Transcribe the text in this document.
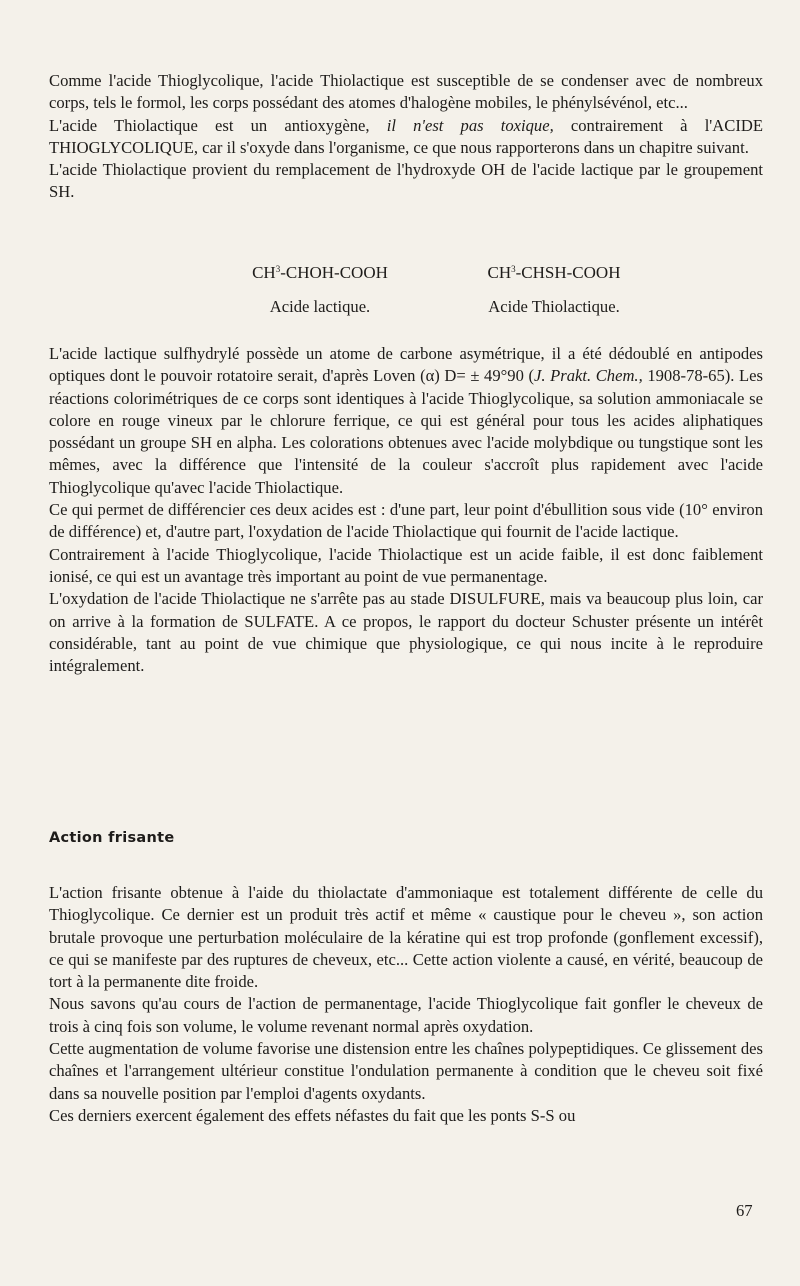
Comme l'acide Thioglycolique, l'acide Thiolactique est susceptible de se condenser avec de nombreux corps, tels le formol, les corps possédant des atomes d'halogène mobiles, le phénylsévénol, etc...

L'acide Thiolactique est un antioxygène, il n'est pas toxique, contrairement à l'ACIDE THIOGLYCOLIQUE, car il s'oxyde dans l'organisme, ce que nous rapporterons dans un chapitre suivant.

L'acide Thiolactique provient du remplacement de l'hydroxyde OH de l'acide lactique par le groupement SH.

$CH^3-CHOH$-COOH
Acide lactique.
$CH^3-CHSH$-COOH
Acide Thiolactique.

L'acide lactique sulfhydrylé possède un atome de carbone asymétrique, il a été dédoublé en antipodes optiques dont le pouvoir rotatoire serait, d'après Loven (α) D= ± 49°90 (J. Prakt. Chem., 1908-78-65). Les réactions colorimétriques de ce corps sont identiques à l'acide Thioglycolique, sa solution ammoniacale se colore en rouge vineux par le chlorure ferrique, ce qui est général pour tous les acides aliphatiques possédant un groupe SH en alpha. Les colorations obtenues avec l'acide molybdique ou tungstique sont les mêmes, avec la différence que l'intensité de la couleur s'accroît plus rapidement avec l'acide Thioglycolique qu'avec l'acide Thiolactique.

Ce qui permet de différencier ces deux acides est : d'une part, leur point d'ébullition sous vide (10° environ de différence) et, d'autre part, l'oxydation de l'acide Thiolactique qui fournit de l'acide lactique.

Contrairement à l'acide Thioglycolique, l'acide Thiolactique est un acide faible, il est donc faiblement ionisé, ce qui est un avantage très important au point de vue permanentage.

L'oxydation de l'acide Thiolactique ne s'arrête pas au stade DISULFURE, mais va beaucoup plus loin, car on arrive à la formation de SULFATE. A ce propos, le rapport du docteur Schuster présente un intérêt considérable, tant au point de vue chimique que physiologique, ce qui nous incite à le reproduire intégralement.

Action frisante

L'action frisante obtenue à l'aide du thiolactate d'ammoniaque est totalement différente de celle du Thioglycolique. Ce dernier est un produit très actif et même « caustique pour le cheveu », son action brutale provoque une perturbation moléculaire de la kératine qui est trop profonde (gonflement excessif), ce qui se manifeste par des ruptures de cheveux, etc... Cette action violente a causé, en vérité, beaucoup de tort à la permanente dite froide.

Nous savons qu'au cours de l'action de permanentage, l'acide Thioglycolique fait gonfler le cheveux de trois à cinq fois son volume, le volume revenant normal après oxydation.

Cette augmentation de volume favorise une distension entre les chaînes polypeptidiques. Ce glissement des chaînes et l'arrangement ultérieur constitue l'ondulation permanente à condition que le cheveu soit fixé dans sa nouvelle position par l'emploi d'agents oxydants.

Ces derniers exercent également des effets néfastes du fait que les ponts S-S ou

67
